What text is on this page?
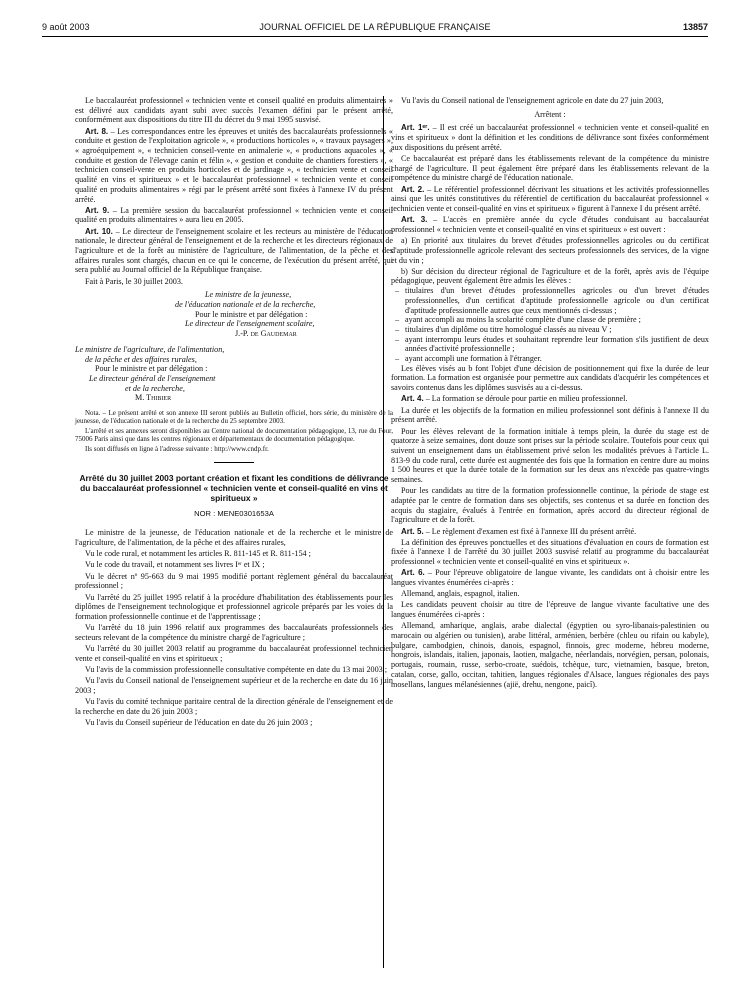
9 août 2003	JOURNAL OFFICIEL DE LA RÉPUBLIQUE FRANÇAISE	13857

Le baccalauréat professionnel « technicien vente et conseil qualité en produits alimentaires » est délivré aux candidats ayant subi avec succès l'examen défini par le présent arrêté, conformément aux dispositions du titre III du décret du 9 mai 1995 susvisé.

Art. 8. – Les correspondances entre les épreuves et unités des baccalauréats professionnels « conduite et gestion de l'exploitation agricole », « productions horticoles », « travaux paysagers », « agroéquipement », « technicien conseil-vente en animalerie », « productions aquacoles », « conduite et gestion de l'élevage canin et félin », « gestion et conduite de chantiers forestiers », « technicien conseil-vente en produits horticoles et de jardinage », « technicien vente et conseil qualité en vins et spiritueux » et le baccalauréat professionnel « technicien vente et conseil qualité en produits alimentaires » régi par le présent arrêté sont fixées à l'annexe IV du présent arrêté.

Art. 9. – La première session du baccalauréat professionnel « technicien vente et conseil qualité en produits alimentaires » aura lieu en 2005.

Art. 10. – Le directeur de l'enseignement scolaire et les recteurs au ministère de l'éducation nationale, le directeur général de l'enseignement et de la recherche et les directeurs régionaux de l'agriculture et de la forêt au ministère de l'agriculture, de l'alimentation, de la pêche et des affaires rurales sont chargés, chacun en ce qui le concerne, de l'exécution du présent arrêté, qui sera publié au Journal officiel de la République française.

Fait à Paris, le 30 juillet 2003.

Le ministre de la jeunesse,
de l'éducation nationale et de la recherche,
Pour le ministre et par délégation :
Le directeur de l'enseignement scolaire,
J.-P. de Gaudemar
Le ministre de l'agriculture, de l'alimentation,
de la pêche et des affaires rurales,
Pour le ministre et par délégation :
Le directeur général de l'enseignement
et de la recherche,
M. Thibier

Nota. – Le présent arrêté et son annexe III seront publiés au Bulletin officiel, hors série, du ministère de la jeunesse, de l'éducation nationale et de la recherche du 25 septembre 2003.

L'arrêté et ses annexes seront disponibles au Centre national de documentation pédagogique, 13, rue du Four, 75006 Paris ainsi que dans les centres régionaux et départementaux de documentation pédagogique.

Ils sont diffusés en ligne à l'adresse suivante : http://www.cndp.fr.

Arrêté du 30 juillet 2003 portant création et fixant les conditions de délivrance du baccalauréat professionnel « technicien vente et conseil-qualité en vins et spiritueux »
NOR : MENE0301653A

Le ministre de la jeunesse, de l'éducation nationale et de la recherche et le ministre de l'agriculture, de l'alimentation, de la pêche et des affaires rurales,

Vu le code rural, et notamment les articles R. 811-145 et R. 811-154 ;

Vu le code du travail, et notamment ses livres Iᵉʳ et IX ;

Vu le décret nº 95-663 du 9 mai 1995 modifié portant règlement général du baccalauréat professionnel ;

Vu l'arrêté du 25 juillet 1995 relatif à la procédure d'habilitation des établissements pour les diplômes de l'enseignement technologique et professionnel agricole préparés par les voies de la formation professionnelle continue et de l'apprentissage ;

Vu l'arrêté du 18 juin 1996 relatif aux programmes des baccalauréats professionnels des secteurs relevant de la compétence du ministre chargé de l'agriculture ;

Vu l'arrêté du 30 juillet 2003 relatif au programme du baccalauréat professionnel technicien vente et conseil-qualité en vins et spiritueux ;

Vu l'avis de la commission professionnelle consultative compétente en date du 13 mai 2003 ;

Vu l'avis du Conseil national de l'enseignement supérieur et de la recherche en date du 16 juin 2003 ;

Vu l'avis du comité technique paritaire central de la direction générale de l'enseignement et de la recherche en date du 26 juin 2003 ;

Vu l'avis du Conseil supérieur de l'éducation en date du 26 juin 2003 ;

Vu l'avis du Conseil national de l'enseignement agricole en date du 27 juin 2003,

Arrêtent :

Art. 1ᵉʳ. – Il est créé un baccalauréat professionnel « technicien vente et conseil-qualité en vins et spiritueux » dont la définition et les conditions de délivrance sont fixées conformément aux dispositions du présent arrêté.

Ce baccalauréat est préparé dans les établissements relevant de la compétence du ministre chargé de l'agriculture. Il peut également être préparé dans les établissements relevant de la compétence du ministre chargé de l'éducation nationale.

Art. 2. – Le référentiel professionnel décrivant les situations et les activités professionnelles ainsi que les unités constitutives du référentiel de certification du baccalauréat professionnel « technicien vente et conseil-qualité en vins et spiritueux » figurent à l'annexe I du présent arrêté.

Art. 3. – L'accès en première année du cycle d'études conduisant au baccalauréat professionnel « technicien vente et conseil-qualité en vins et spiritueux » est ouvert :

a) En priorité aux titulaires du brevet d'études professionnelles agricoles ou du certificat d'aptitude professionnelle agricole relevant des secteurs professionnels des services, de la vigne et du vin ;

b) Sur décision du directeur régional de l'agriculture et de la forêt, après avis de l'équipe pédagogique, peuvent également être admis les élèves :

– titulaires d'un brevet d'études professionnelles agricoles ou d'un brevet d'études professionnelles, d'un certificat d'aptitude professionnelle agricole ou d'un certificat d'aptitude professionnelle autres que ceux mentionnés ci-dessus ;
– ayant accompli au moins la scolarité complète d'une classe de première ;
– titulaires d'un diplôme ou titre homologué classés au niveau V ;
– ayant interrompu leurs études et souhaitant reprendre leur formation s'ils justifient de deux années d'activité professionnelle ;
– ayant accompli une formation à l'étranger.

Les élèves visés au b font l'objet d'une décision de positionnement qui fixe la durée de leur formation. La formation est organisée pour permettre aux candidats d'acquérir les compétences et savoirs contenus dans les diplômes susvisés au a ci-dessus.

Art. 4. – La formation se déroule pour partie en milieu professionnel.

La durée et les objectifs de la formation en milieu professionnel sont définis à l'annexe II du présent arrêté.

Pour les élèves relevant de la formation initiale à temps plein, la durée du stage est de quatorze à seize semaines, dont douze sont prises sur la période scolaire. Toutefois pour ceux qui suivent un enseignement dans un établissement privé selon les modalités prévues à l'article L. 813-9 du code rural, cette durée est augmentée des fois que la formation en centre dure au moins 1 500 heures et que la durée totale de la formation sur les deux ans n'excède pas quatre-vingts semaines.

Pour les candidats au titre de la formation professionnelle continue, la période de stage est adaptée par le centre de formation dans ses objectifs, ses contenus et sa durée en fonction des acquis du stagiaire, évalués à l'entrée en formation, après accord du directeur régional de l'agriculture et de la forêt.

Art. 5. – Le règlement d'examen est fixé à l'annexe III du présent arrêté.

La définition des épreuves ponctuelles et des situations d'évaluation en cours de formation est fixée à l'annexe I de l'arrêté du 30 juillet 2003 susvisé relatif au programme du baccalauréat professionnel « technicien vente et conseil-qualité en vins et spiritueux ».

Art. 6. – Pour l'épreuve obligatoire de langue vivante, les candidats ont à choisir entre les langues vivantes énumérées ci-après :

Allemand, anglais, espagnol, italien.

Les candidats peuvent choisir au titre de l'épreuve de langue vivante facultative une des langues énumérées ci-après :

Allemand, amharique, anglais, arabe dialectal (égyptien ou syro-libanais-palestinien ou marocain ou algérien ou tunisien), arabe littéral, arménien, berbère (chleu ou rifain ou kabyle), bulgare, cambodgien, chinois, danois, espagnol, finnois, grec moderne, hébreu moderne, hongrois, islandais, italien, japonais, laotien, malgache, néerlandais, norvégien, persan, polonais, portugais, roumain, russe, serbo-croate, suédois, tchèque, turc, vietnamien, basque, breton, catalan, corse, gallo, occitan, tahitien, langues régionales d'Alsace, langues régionales des pays mosellans, langues mélanésiennes (ajië, drehu, nengone, paicî).
